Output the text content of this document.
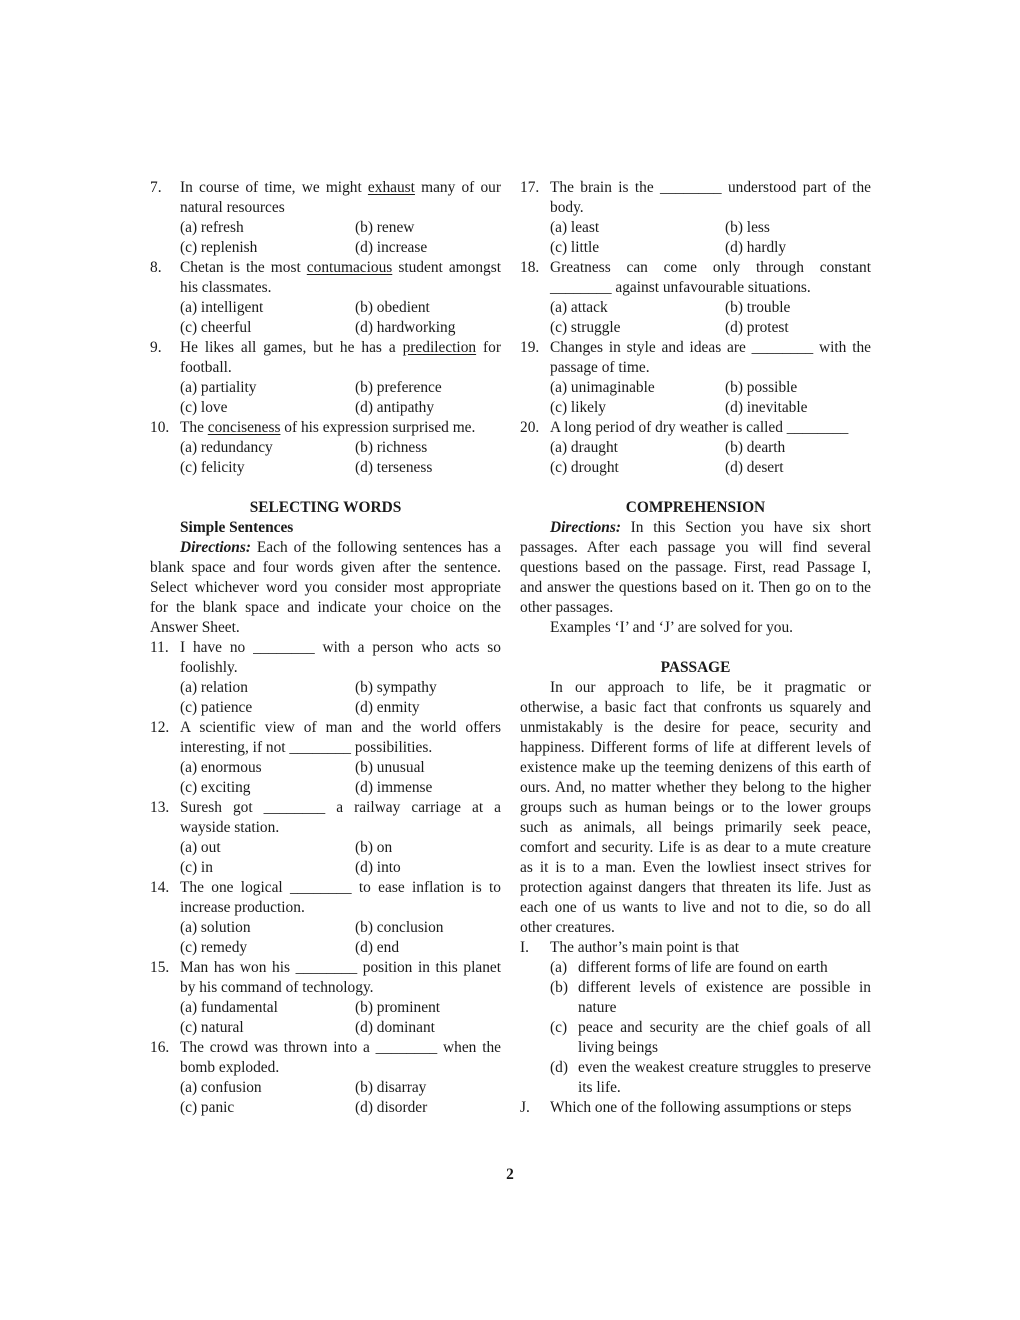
7. In course of time, we might exhaust many of our natural resources
(a) refresh	(b) renew
(c) replenish	(d) increase
8. Chetan is the most contumacious student amongst his classmates.
(a) intelligent	(b) obedient
(c) cheerful	(d) hardworking
9. He likes all games, but he has a predilection for football.
(a) partiality	(b) preference
(c) love	(d) antipathy
10. The conciseness of his expression surprised me.
(a) redundancy	(b) richness
(c) felicity	(d) terseness
SELECTING WORDS
Simple Sentences
Directions: Each of the following sentences has a blank space and four words given after the sentence. Select whichever word you consider most appropriate for the blank space and indicate your choice on the Answer Sheet.
11. I have no ________ with a person who acts so foolishly.
(a) relation	(b) sympathy
(c) patience	(d) enmity
12. A scientific view of man and the world offers interesting, if not ________ possibilities.
(a) enormous	(b) unusual
(c) exciting	(d) immense
13. Suresh got ________ a railway carriage at a wayside station.
(a) out	(b) on
(c) in	(d) into
14. The one logical ________ to ease inflation is to increase production.
(a) solution	(b) conclusion
(c) remedy	(d) end
15. Man has won his ________ position in this planet by his command of technology.
(a) fundamental	(b) prominent
(c) natural	(d) dominant
16. The crowd was thrown into a ________ when the bomb exploded.
(a) confusion	(b) disarray
(c) panic	(d) disorder
17. The brain is the ________ understood part of the body.
(a) least	(b) less
(c) little	(d) hardly
18. Greatness can come only through constant ________ against unfavourable situations.
(a) attack	(b) trouble
(c) struggle	(d) protest
19. Changes in style and ideas are ________ with the passage of time.
(a) unimaginable	(b) possible
(c) likely	(d) inevitable
20. A long period of dry weather is called ________
(a) draught	(b) dearth
(c) drought	(d) desert
COMPREHENSION
Directions: In this Section you have six short passages. After each passage you will find several questions based on the passage. First, read Passage I, and answer the questions based on it. Then go on to the other passages.
Examples ‘I’ and ‘J’ are solved for you.
PASSAGE
In our approach to life, be it pragmatic or otherwise, a basic fact that confronts us squarely and unmistakably is the desire for peace, security and happiness. Different forms of life at different levels of existence make up the teeming denizens of this earth of ours. And, no matter whether they belong to the higher groups such as human beings or to the lower groups such as animals, all beings primarily seek peace, comfort and security. Life is as dear to a mute creature as it is to a man. Even the lowliest insect strives for protection against dangers that threaten its life. Just as each one of us wants to live and not to die, so do all other creatures.
I. The author’s main point is that
(a) different forms of life are found on earth
(b) different levels of existence are possible in nature
(c) peace and security are the chief goals of all living beings
(d) even the weakest creature struggles to preserve its life.
J. Which one of the following assumptions or steps
2
